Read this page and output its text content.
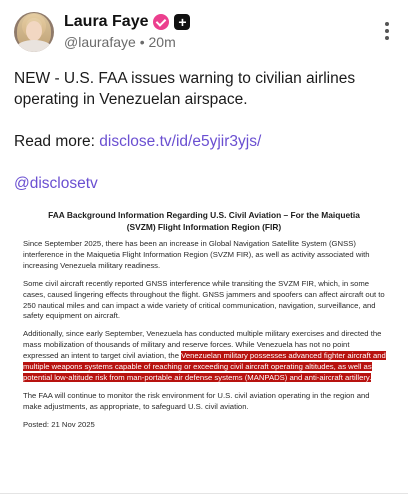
Laura Faye +
@laurafaye • 20m

NEW - U.S. FAA issues warning to civilian airlines operating in Venezuelan airspace.

Read more: disclose.tv/id/e5yjir3yjs/

@disclosetv

FAA Background Information Regarding U.S. Civil Aviation – For the Maiquetia (SVZM) Flight Information Region (FIR)

Since September 2025, there has been an increase in Global Navigation Satellite System (GNSS) interference in the Maiquetia Flight Information Region (SVZM FIR), as well as activity associated with increasing Venezuela military readiness.

Some civil aircraft recently reported GNSS interference while transiting the SVZM FIR, which, in some cases, caused lingering effects throughout the flight. GNSS jammers and spoofers can affect aircraft out to 250 nautical miles and can impact a wide variety of critical communication, navigation, surveillance, and safety equipment on aircraft.

Additionally, since early September, Venezuela has conducted multiple military exercises and directed the mass mobilization of thousands of military and reserve forces. While Venezuela has not no point expressed an intent to target civil aviation, the Venezuelan military possesses advanced fighter aircraft and multiple weapons systems capable of reaching or exceeding civil aircraft operating altitudes, as well as potential low-altitude risk from man-portable air defense systems (MANPADS) and anti-aircraft artillery.

The FAA will continue to monitor the risk environment for U.S. civil aviation operating in the region and make adjustments, as appropriate, to safeguard U.S. civil aviation.

Posted: 21 Nov 2025
